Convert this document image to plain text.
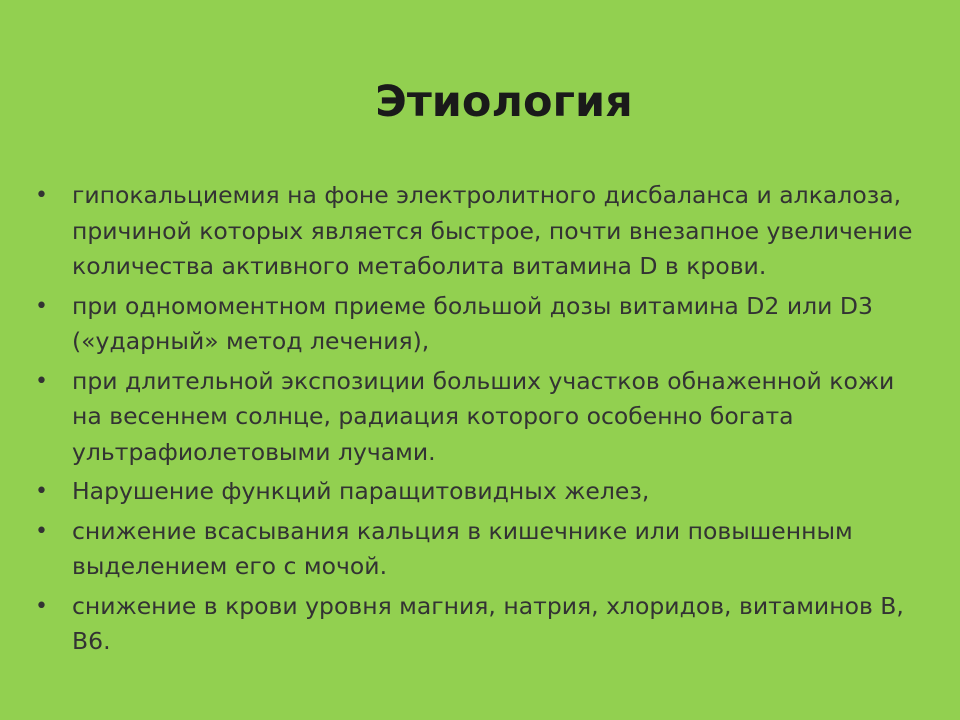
Этиология
• гипокальциемия на фоне электролитного дисбаланса и алкалоза, причиной которых является быстрое, почти внезапное увеличение количества активного метаболита витамина D в крови.
• при одномоментном приеме большой дозы витамина D2 или D3 («ударный» метод лечения),
• при длительной экспозиции больших участков обнаженной кожи на весеннем солнце, радиация которого особенно богата ультрафиолетовыми лучами.
• Нарушение функций паращитовидных желез,
• снижение всасывания кальция в кишечнике или повышенным выделением его с мочой.
• снижение в крови уровня магния, натрия, хлоридов, витаминов В, В6.
